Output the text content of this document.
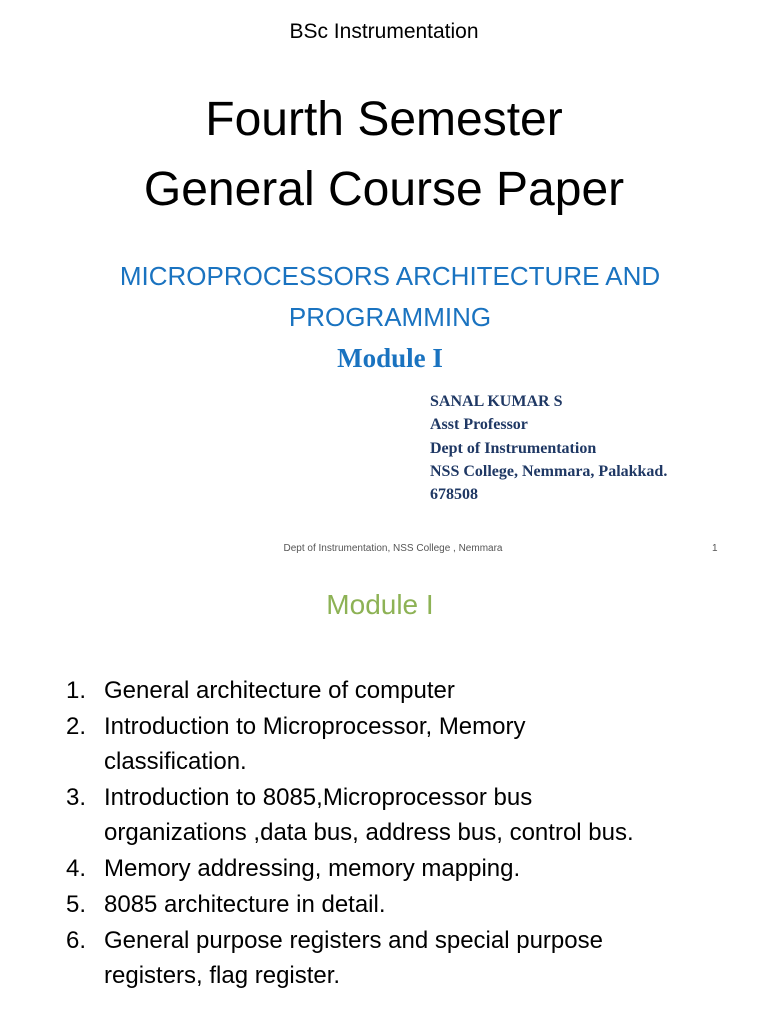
BSc Instrumentation
Fourth Semester
General Course Paper
MICROPROCESSORS ARCHITECTURE AND
PROGRAMMING
Module I
SANAL KUMAR S
Asst Professor
Dept of Instrumentation
NSS College, Nemmara, Palakkad.
678508
Dept of Instrumentation, NSS College , Nemmara	1
Module I
1. General architecture of computer
2. Introduction to Microprocessor, Memory classification.
3. Introduction to 8085,Microprocessor bus organizations ,data bus, address bus, control bus.
4. Memory addressing, memory mapping.
5. 8085 architecture in detail.
6. General purpose registers and special purpose registers, flag register.
